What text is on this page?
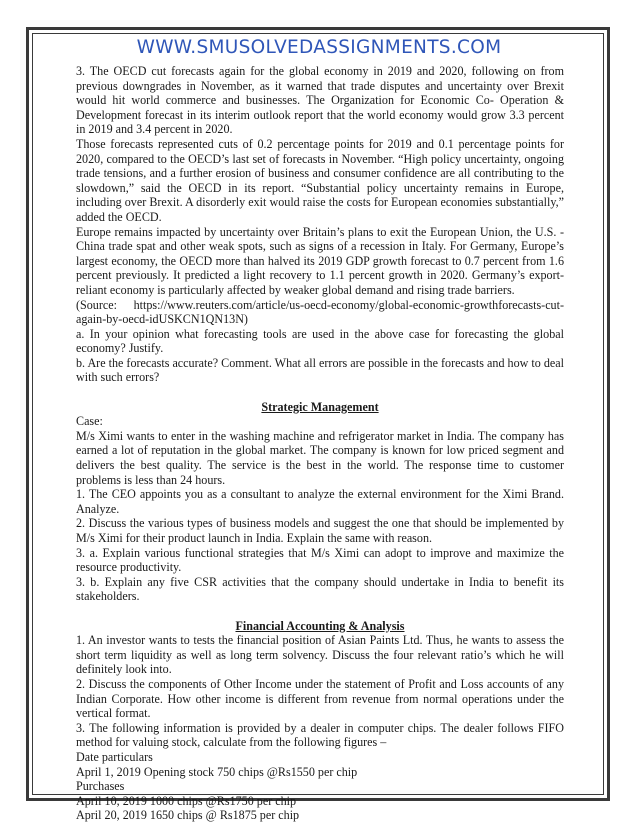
WWW.SMUSOLVEDASSIGNMENTS.COM

3. The OECD cut forecasts again for the global economy in 2019 and 2020, following on from previous downgrades in November, as it warned that trade disputes and uncertainty over Brexit would hit world commerce and businesses. The Organization for Economic Co- Operation & Development forecast in its interim outlook report that the world economy would grow 3.3 percent in 2019 and 3.4 percent in 2020.

Those forecasts represented cuts of 0.2 percentage points for 2019 and 0.1 percentage points for 2020, compared to the OECD’s last set of forecasts in November. “High policy uncertainty, ongoing trade tensions, and a further erosion of business and consumer confidence are all contributing to the slowdown,” said the OECD in its report. “Substantial policy uncertainty remains in Europe, including over Brexit. A disorderly exit would raise the costs for European economies substantially,” added the OECD.

Europe remains impacted by uncertainty over Britain’s plans to exit the European Union, the U.S. - China trade spat and other weak spots, such as signs of a recession in Italy. For Germany, Europe’s largest economy, the OECD more than halved its 2019 GDP growth forecast to 0.7 percent from 1.6 percent previously. It predicted a light recovery to 1.1 percent growth in 2020. Germany’s export-reliant economy is particularly affected by weaker global demand and rising trade barriers.

(Source: https://www.reuters.com/article/us-oecd-economy/global-economic-growthforecasts-cut-again-by-oecd-idUSKCN1QN13N)

a. In your opinion what forecasting tools are used in the above case for forecasting the global economy? Justify.

b. Are the forecasts accurate? Comment. What all errors are possible in the forecasts and how to deal with such errors?

Strategic Management

Case:

M/s Ximi wants to enter in the washing machine and refrigerator market in India. The company has earned a lot of reputation in the global market. The company is known for low priced segment and delivers the best quality. The service is the best in the world. The response time to customer problems is less than 24 hours.

1. The CEO appoints you as a consultant to analyze the external environment for the Ximi Brand. Analyze.

2. Discuss the various types of business models and suggest the one that should be implemented by M/s Ximi for their product launch in India. Explain the same with reason.

3. a. Explain various functional strategies that M/s Ximi can adopt to improve and maximize the resource productivity.

3. b. Explain any five CSR activities that the company should undertake in India to benefit its stakeholders.

Financial Accounting & Analysis

1. An investor wants to tests the financial position of Asian Paints Ltd. Thus, he wants to assess the short term liquidity as well as long term solvency. Discuss the four relevant ratio’s which he will definitely look into.

2. Discuss the components of Other Income under the statement of Profit and Loss accounts of any Indian Corporate. How other income is different from revenue from normal operations under the vertical format.

3. The following information is provided by a dealer in computer chips. The dealer follows FIFO method for valuing stock, calculate from the following figures –

Date particulars

April 1, 2019 Opening stock 750 chips @Rs1550 per chip

Purchases

April 10, 2019 1000 chips @Rs1750 per chip

April 20, 2019 1650 chips @ Rs1875 per chip
